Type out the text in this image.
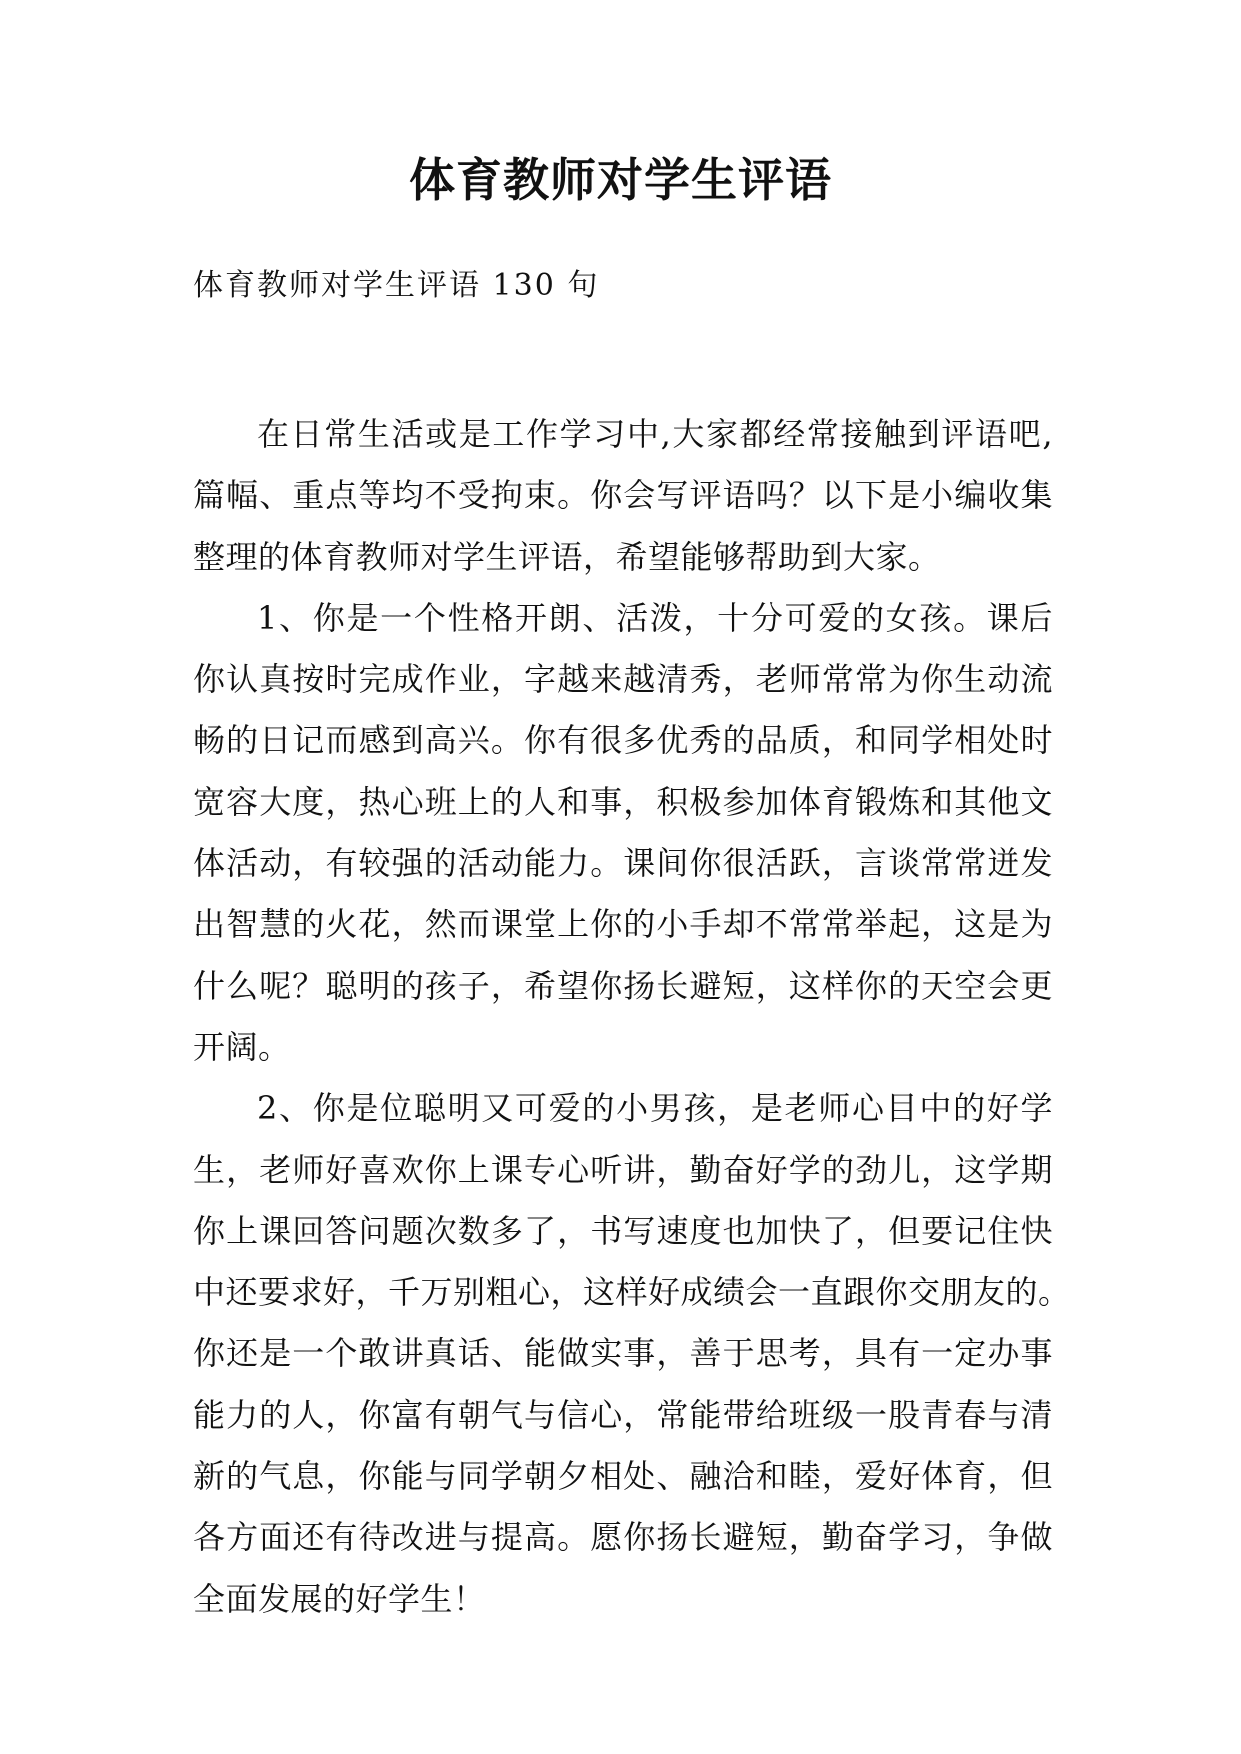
体育教师对学生评语
体育教师对学生评语 130 句
在日常生活或是工作学习中,大家都经常接触到评语吧,
篇幅、重点等均不受拘束。你会写评语吗？以下是小编收集
整理的体育教师对学生评语，希望能够帮助到大家。
1、你是一个性格开朗、活泼，十分可爱的女孩。课后
你认真按时完成作业，字越来越清秀，老师常常为你生动流
畅的日记而感到高兴。你有很多优秀的品质，和同学相处时
宽容大度，热心班上的人和事，积极参加体育锻炼和其他文
体活动，有较强的活动能力。课间你很活跃，言谈常常迸发
出智慧的火花，然而课堂上你的小手却不常常举起，这是为
什么呢？聪明的孩子，希望你扬长避短，这样你的天空会更
开阔。
2、你是位聪明又可爱的小男孩，是老师心目中的好学
生，老师好喜欢你上课专心听讲，勤奋好学的劲儿，这学期
你上课回答问题次数多了，书写速度也加快了，但要记住快
中还要求好，千万别粗心，这样好成绩会一直跟你交朋友的。
你还是一个敢讲真话、能做实事，善于思考，具有一定办事
能力的人，你富有朝气与信心，常能带给班级一股青春与清
新的气息，你能与同学朝夕相处、融洽和睦，爱好体育，但
各方面还有待改进与提高。愿你扬长避短，勤奋学习，争做
全面发展的好学生！
